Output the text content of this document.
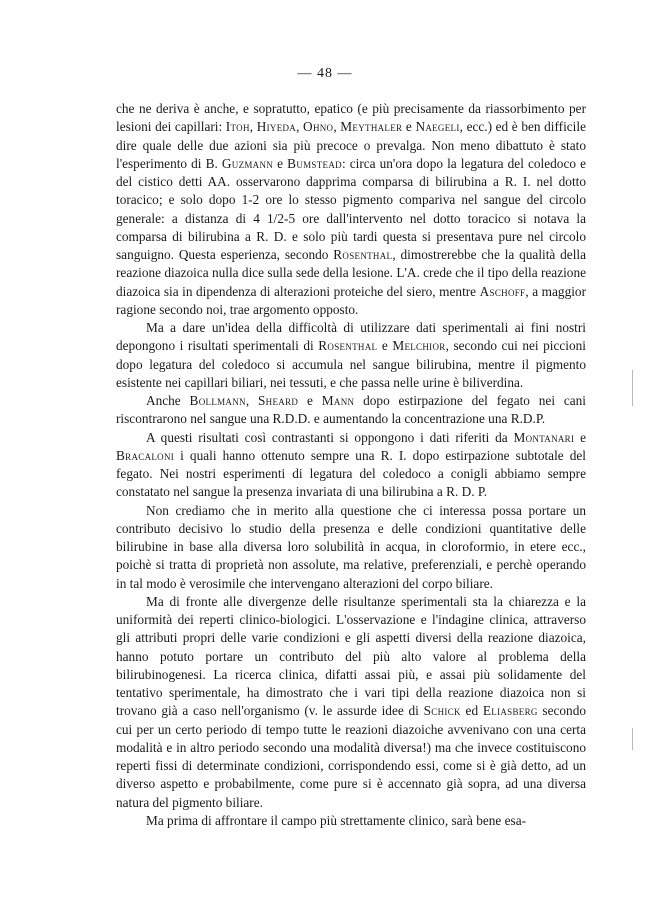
— 48 —

che ne deriva è anche, e sopratutto, epatico (e più precisamente da riassorbimento per lesioni dei capillari: Itoh, Hiyeda, Ohno, Meythaler e Naegeli, ecc.) ed è ben difficile dire quale delle due azioni sia più precoce o prevalga. Non meno dibattuto è stato l'esperimento di B. Guzmann e Bumstead: circa un'ora dopo la legatura del coledoco e del cistico detti AA. osservarono dapprima comparsa di bilirubina a R. I. nel dotto toracico; e solo dopo 1-2 ore lo stesso pigmento compariva nel sangue del circolo generale: a distanza di 4 1/2-5 ore dall'intervento nel dotto toracico si notava la comparsa di bilirubina a R. D. e solo più tardi questa si presentava pure nel circolo sanguigno. Questa esperienza, secondo Rosenthal, dimostrerebbe che la qualità della reazione diazoica nulla dice sulla sede della lesione. L'A. crede che il tipo della reazione diazoica sia in dipendenza di alterazioni proteiche del siero, mentre Aschoff, a maggior ragione secondo noi, trae argomento opposto.

Ma a dare un'idea della difficoltà di utilizzare dati sperimentali ai fini nostri depongono i risultati sperimentali di Rosenthal e Melchior, secondo cui nei piccioni dopo legatura del coledoco si accumula nel sangue bilirubina, mentre il pigmento esistente nei capillari biliari, nei tessuti, e che passa nelle urine è biliverdina.

Anche Bollmann, Sheard e Mann dopo estirpazione del fegato nei cani riscontrarono nel sangue una R.D.D. e aumentando la concentrazione una R.D.P.

A questi risultati così contrastanti si oppongono i dati riferiti da Montanari e Bracaloni i quali hanno ottenuto sempre una R. I. dopo estirpazione subtotale del fegato. Nei nostri esperimenti di legatura del coledoco a conigli abbiamo sempre constatato nel sangue la presenza invariata di una bilirubina a R. D. P.

Non crediamo che in merito alla questione che ci interessa possa portare un contributo decisivo lo studio della presenza e delle condizioni quantitative delle bilirubine in base alla diversa loro solubilità in acqua, in cloroformio, in etere ecc., poichè si tratta di proprietà non assolute, ma relative, preferenziali, e perchè operando in tal modo è verosimile che intervengano alterazioni del corpo biliare.

Ma di fronte alle divergenze delle risultanze sperimentali sta la chiarezza e la uniformità dei reperti clinico-biologici. L'osservazione e l'indagine clinica, attraverso gli attributi propri delle varie condizioni e gli aspetti diversi della reazione diazoica, hanno potuto portare un contributo del più alto valore al problema della bilirubinogenesi. La ricerca clinica, difatti assai più, e assai più solidamente del tentativo sperimentale, ha dimostrato che i vari tipi della reazione diazoica non si trovano già a caso nell'organismo (v. le assurde idee di Schick ed Eliasberg secondo cui per un certo periodo di tempo tutte le reazioni diazoiche avvenivano con una certa modalità e in altro periodo secondo una modalità diversa!) ma che invece costituiscono reperti fissi di determinate condizioni, corrispondendo essi, come si è già detto, ad un diverso aspetto e probabilmente, come pure si è accennato già sopra, ad una diversa natura del pigmento biliare.

Ma prima di affrontare il campo più strettamente clinico, sarà bene esa-
